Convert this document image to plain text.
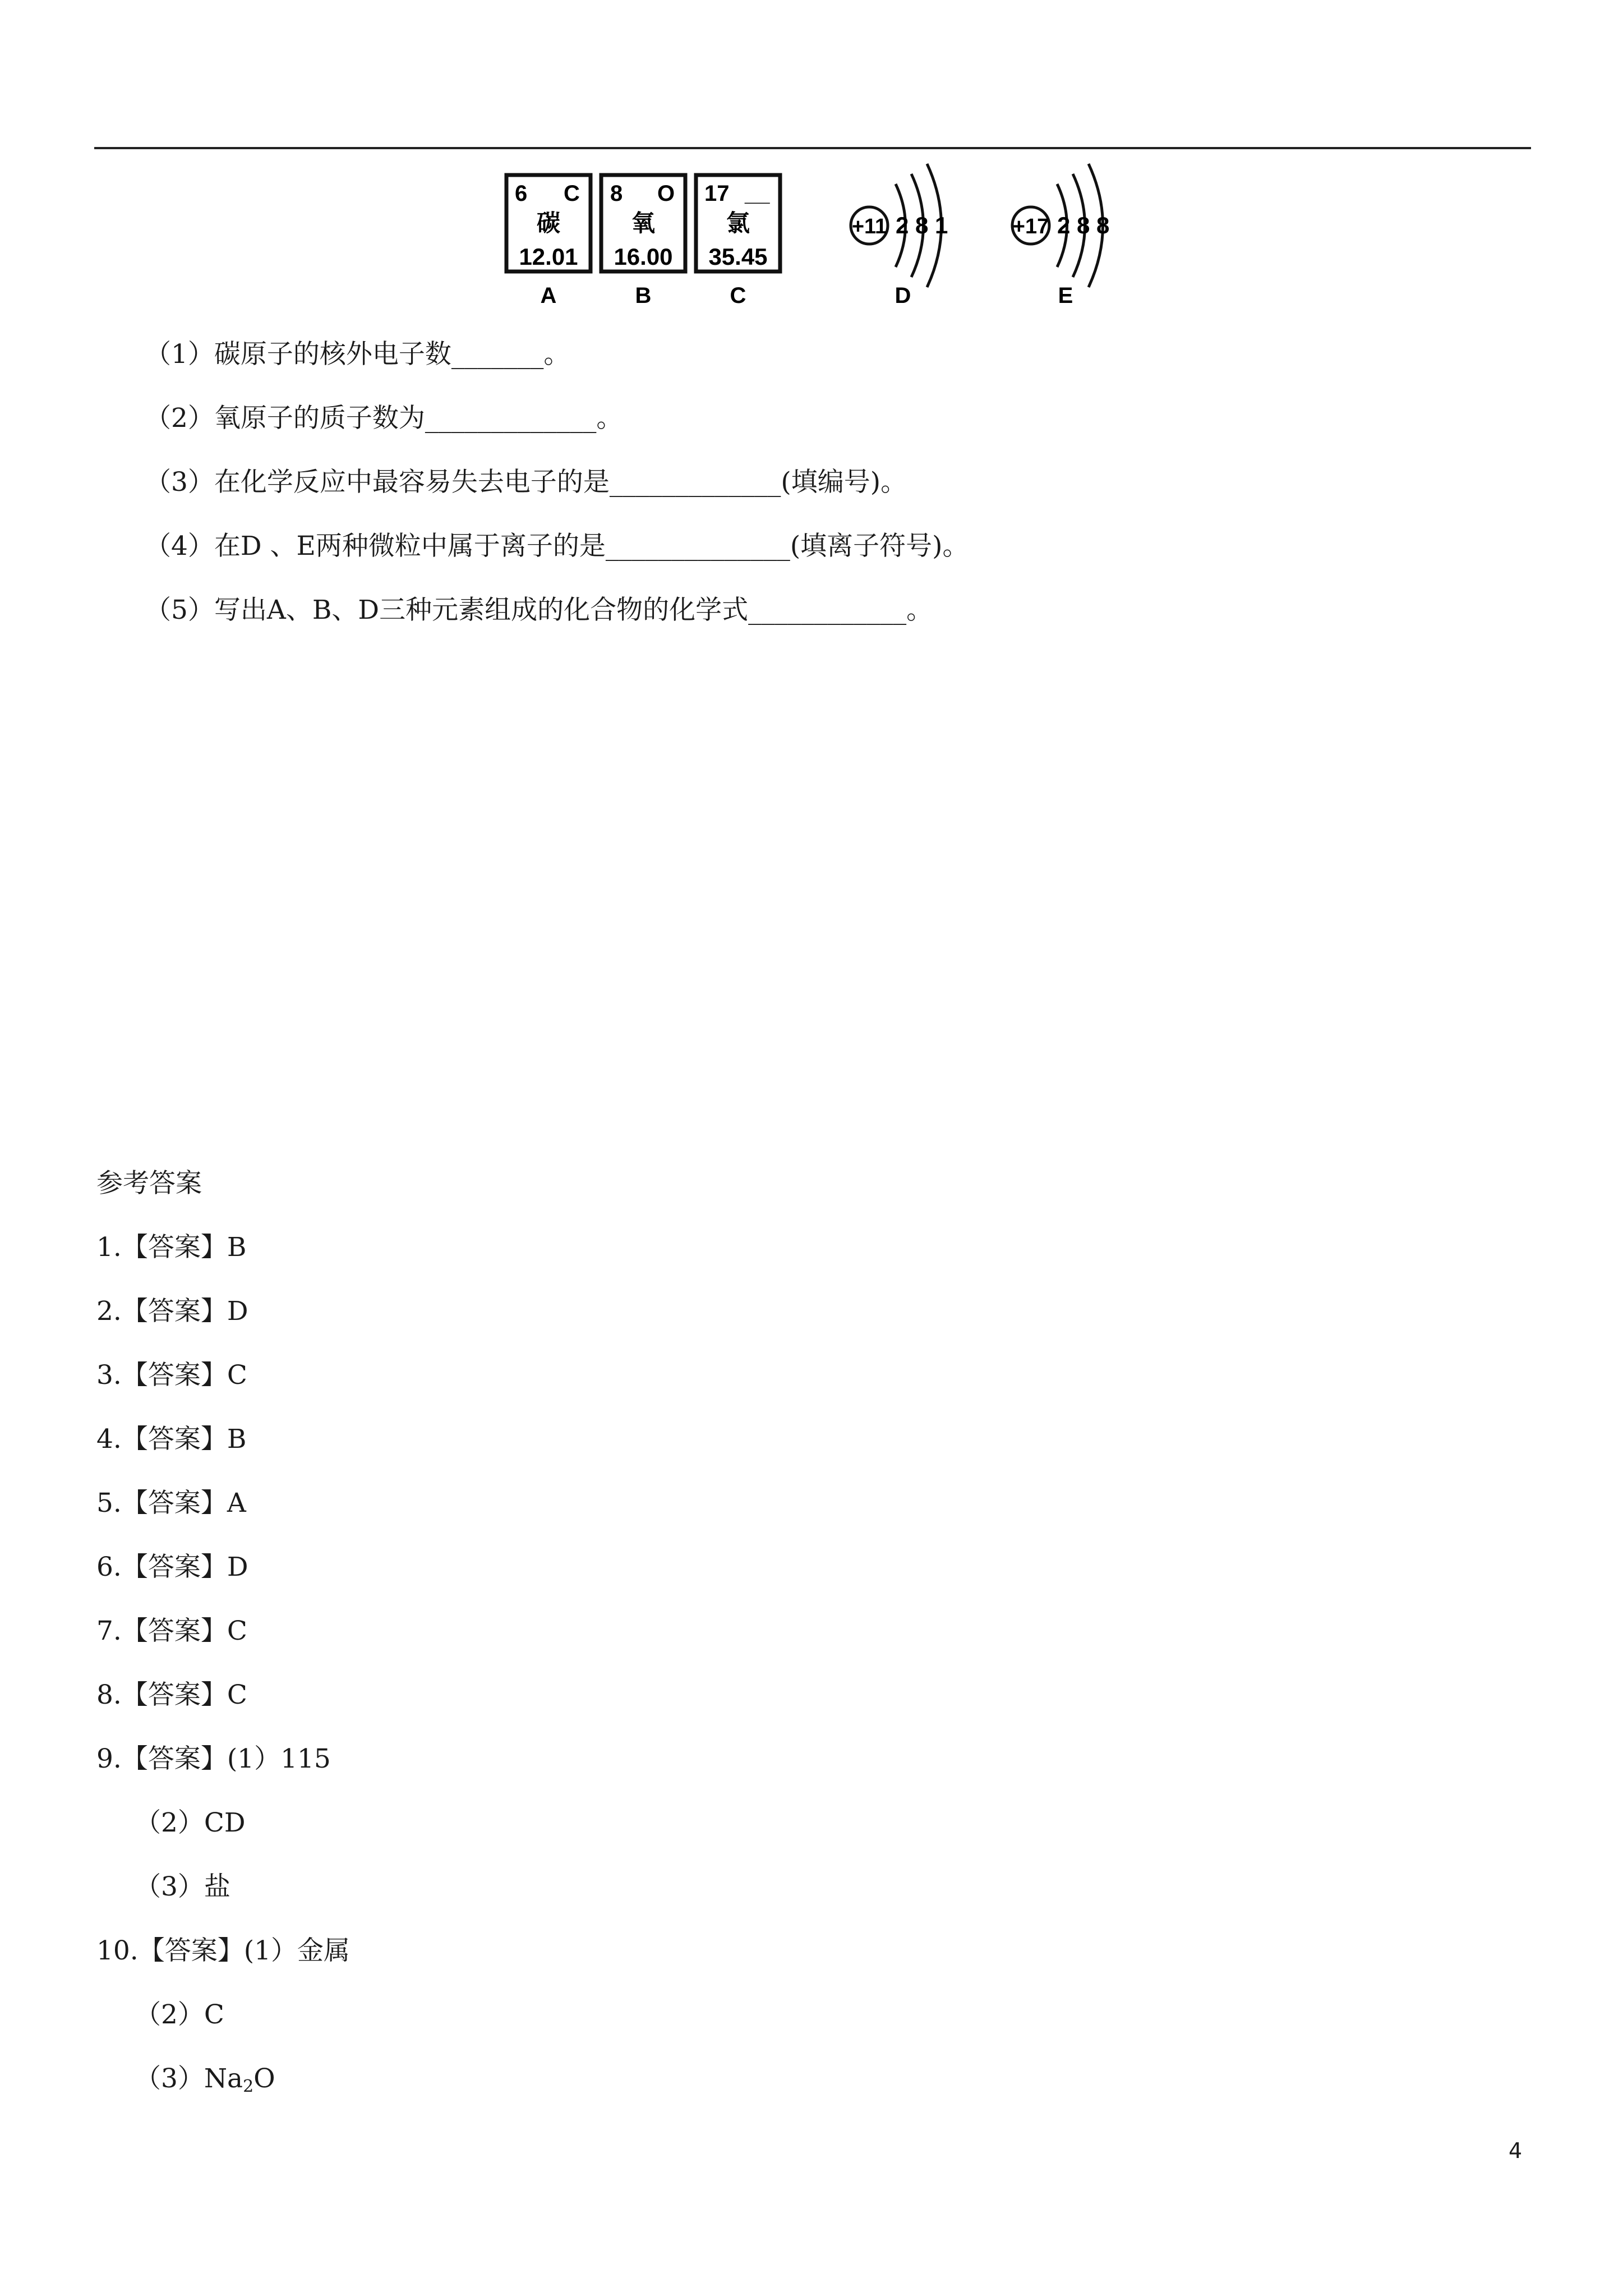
6 C
碳
12.01
A
8 O
氧
16.00
B
17 __
氯
35.45
C
+11 2 8 1
D
+17 2 8 8
E
（1）碳原子的核外电子数_______。
（2）氧原子的质子数为_____________。
（3）在化学反应中最容易失去电子的是_____________(填编号)。
（4）在D 、E两种微粒中属于离子的是______________(填离子符号)。
（5）写出A、B、D三种元素组成的化合物的化学式____________。
参考答案
1.【答案】B
2.【答案】D
3.【答案】C
4.【答案】B
5.【答案】A
6.【答案】D
7.【答案】C
8.【答案】C
9.【答案】(1）115
（2）CD
（3）盐
10.【答案】(1）金属
（2）C
$(3)Na_2O$
4
